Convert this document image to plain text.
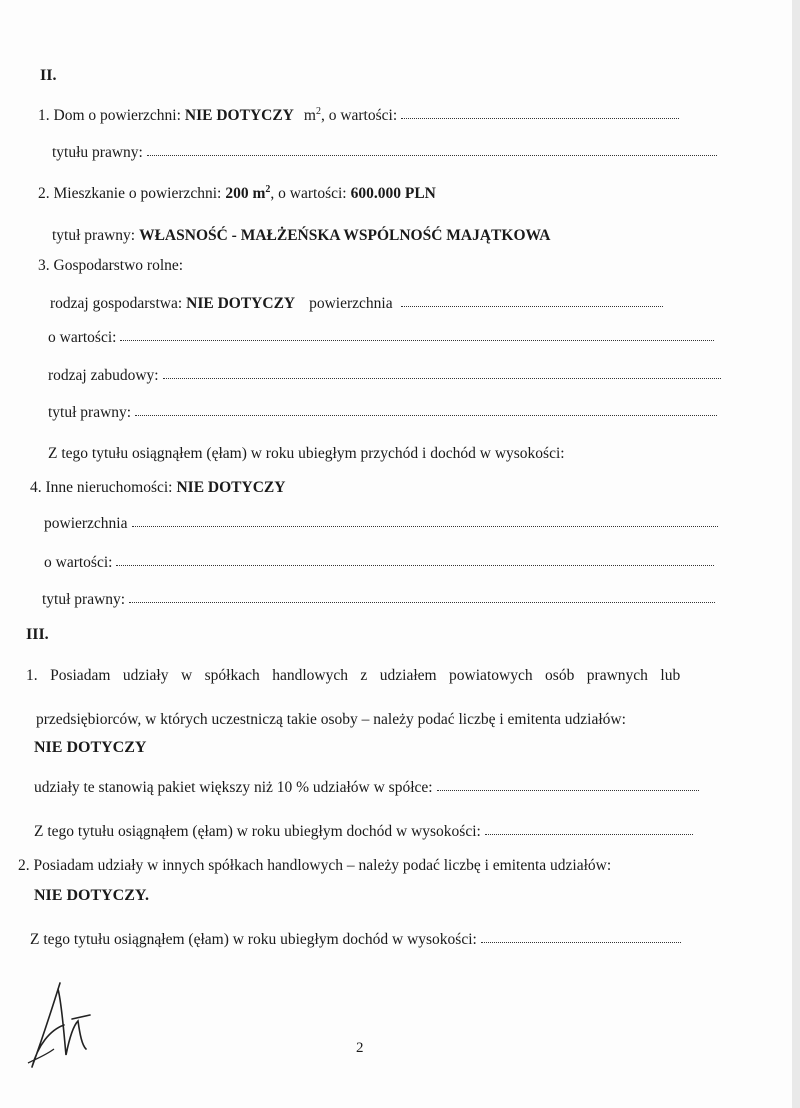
II.
1. Dom o powierzchni: NIE DOTYCZY m 2 , o wartości:
tytułu prawny:
2. Mieszkanie o powierzchni: 200 m 2 , o wartości: 600.000 PLN
tytuł prawny: WŁASNOŚĆ - MAŁŻEŃSKA WSPÓLNOŚĆ MAJĄTKOWA
3. Gospodarstwo rolne:
rodzaj gospodarstwa: NIE DOTYCZY powierzchnia
o wartości:
rodzaj zabudowy:
tytuł prawny:
Z tego tytułu osiągnąłem (ęłam) w roku ubiegłym przychód i dochód w wysokości:
4. Inne nieruchomości: NIE DOTYCZY
powierzchnia
o wartości:
tytuł prawny:
III.
1. Posiadam udziały w spółkach handlowych z udziałem powiatowych osób prawnych lub
przedsiębiorców, w których uczestniczą takie osoby – należy podać liczbę i emitenta udziałów:
NIE DOTYCZY
udziały te stanowią pakiet większy niż 10 % udziałów w spółce:
Z tego tytułu osiągnąłem (ęłam) w roku ubiegłym dochód w wysokości:
2. Posiadam udziały w innych spółkach handlowych – należy podać liczbę i emitenta udziałów:
NIE DOTYCZY.
Z tego tytułu osiągnąłem (ęłam) w roku ubiegłym dochód w wysokości:
2
